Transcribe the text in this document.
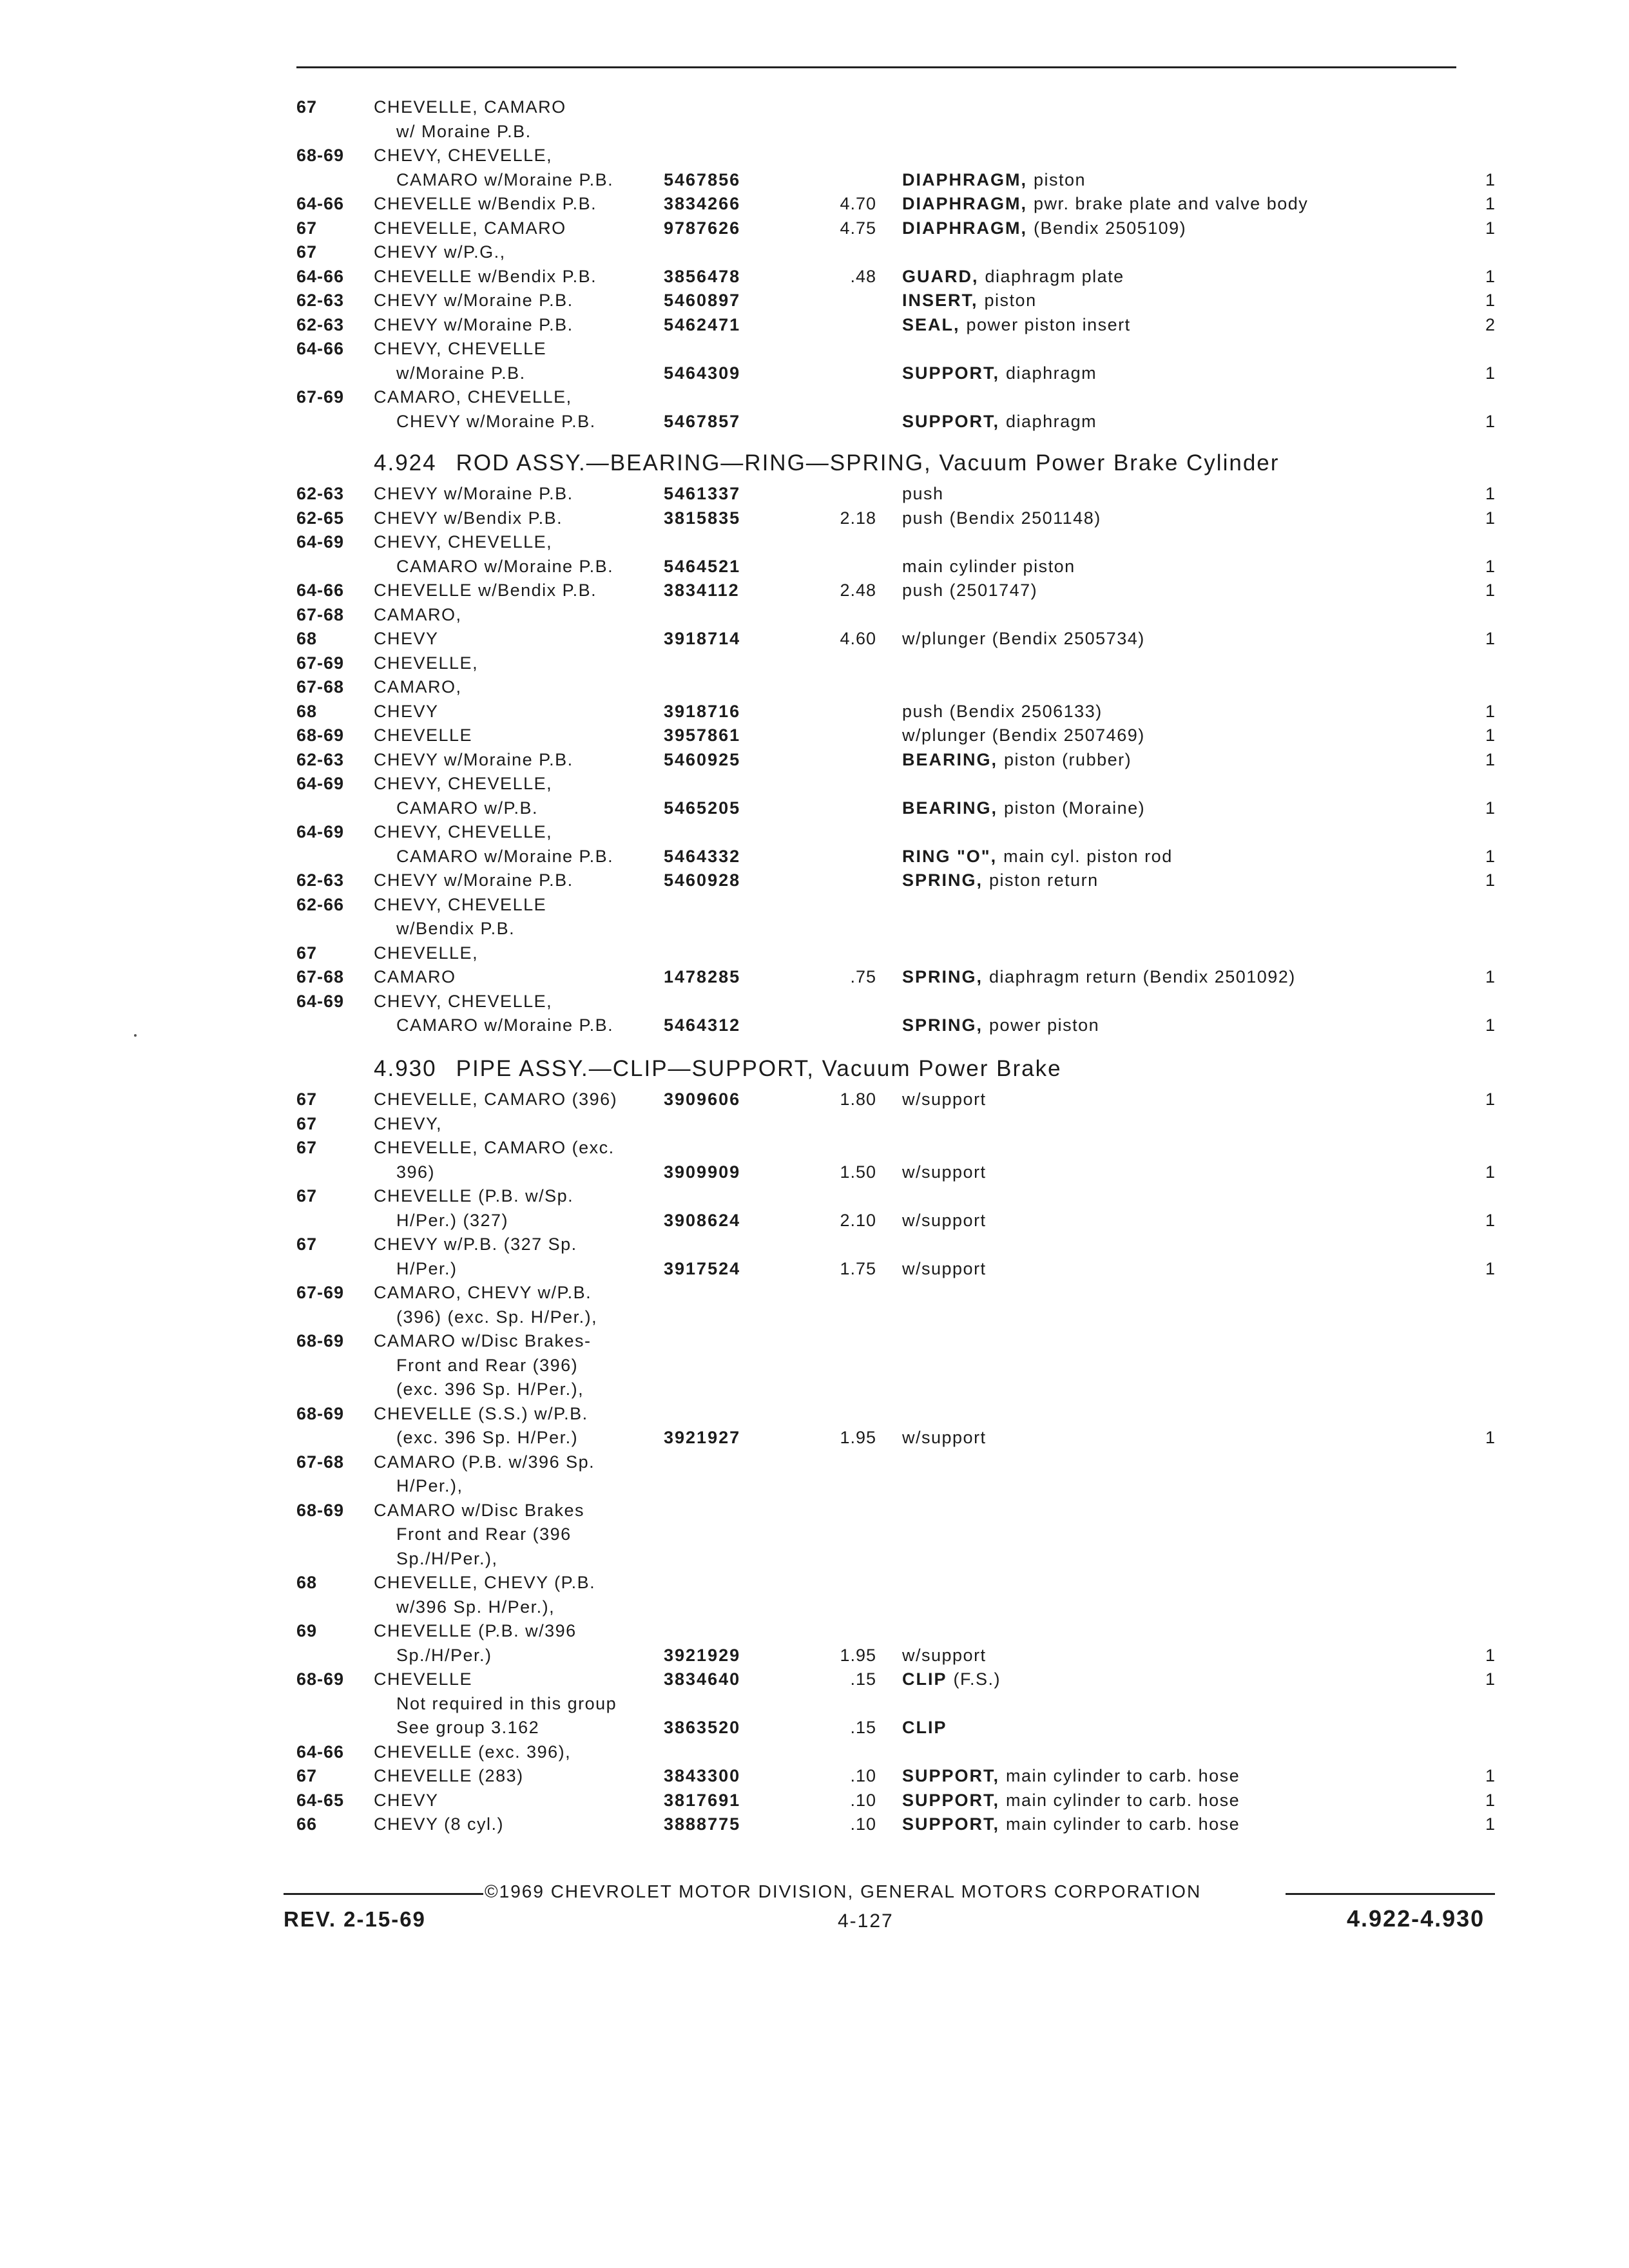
67	CHEVELLE, CAMARO
w/ Moraine P.B.
68-69 CHEVY, CHEVELLE,
CAMARO w/Moraine P.B.	5467856	DIAPHRAGM, piston	1
64-66 CHEVELLE w/Bendix P.B.	3834266	4.70 DIAPHRAGM, pwr. brake plate and valve body	1
67	CHEVELLE, CAMARO	9787626	4.75 DIAPHRAGM, (Bendix 2505109)	1
67	CHEVY w/P.G.,
64-66 CHEVELLE w/Bendix P.B.	3856478	.48 GUARD, diaphragm plate	1
62-63 CHEVY w/Moraine P.B.	5460897	INSERT, piston	1
62-63 CHEVY w/Moraine P.B.	5462471	SEAL, power piston insert	2
64-66 CHEVY, CHEVELLE
w/Moraine P.B.	5464309	SUPPORT, diaphragm	1
67-69 CAMARO, CHEVELLE,
CHEVY w/Moraine P.B.	5467857	SUPPORT, diaphragm	1
62-63 CHEVY w/Moraine P.B.	5461337	push	1
62-65 CHEVY w/Bendix P.B.	3815835	2.18 push (Bendix 2501148)	1
64-69 CHEVY, CHEVELLE,
CAMARO w/Moraine P.B.	5464521	main cylinder piston	1
64-66 CHEVELLE w/Bendix P.B.	3834112	2.48 push (2501747)	1
67-68 CAMARO,
68	CHEVY	3918714	4.60 w/plunger (Bendix 2505734)	1
67-69 CHEVELLE,
67-68 CAMARO,
68	CHEVY	3918716	push (Bendix 2506133)	1
68-69 CHEVELLE	3957861	w/plunger (Bendix 2507469)	1
62-63 CHEVY w/Moraine P.B.	5460925	BEARING, piston (rubber)	1
64-69 CHEVY, CHEVELLE,
CAMARO w/P.B.	5465205	BEARING, piston (Moraine)	1
64-69 CHEVY, CHEVELLE,
CAMARO w/Moraine P.B.	5464332	RING "O", main cyl. piston rod	1
62-63 CHEVY w/Moraine P.B.	5460928	SPRING, piston return	1
62-66 CHEVY, CHEVELLE
w/Bendix P.B.
67	CHEVELLE,
67-68 CAMARO	1478285	.75 SPRING, diaphragm return (Bendix 2501092)	1
64-69 CHEVY, CHEVELLE,
CAMARO w/Moraine P.B.	5464312	SPRING, power piston	1
67	CHEVELLE, CAMARO (396)	3909606	1.80 w/support	1
67	CHEVY,
67	CHEVELLE, CAMARO (exc.
396)	3909909	1.50 w/support	1
67	CHEVELLE (P.B. w/Sp.
H/Per.) (327)	3908624	2.10 w/support	1
67	CHEVY w/P.B. (327 Sp.
H/Per.)	3917524	1.75 w/support	1
67-69 CAMARO, CHEVY w/P.B.
(396) (exc. Sp. H/Per.),
68-69 CAMARO w/Disc Brakes-
Front and Rear (396)
(exc. 396 Sp. H/Per.),
68-69 CHEVELLE (S.S.) w/P.B.
(exc. 396 Sp. H/Per.)	3921927	1.95 w/support	1
67-68 CAMARO (P.B. w/396 Sp.
H/Per.),
68-69 CAMARO w/Disc Brakes
Front and Rear (396
Sp./H/Per.),
68	CHEVELLE, CHEVY (P.B.
w/396 Sp. H/Per.),
69	CHEVELLE (P.B. w/396
Sp./H/Per.)	3921929	1.95 w/support	1
68-69 CHEVELLE	3834640	.15 CLIP (F.S.)	1
Not required in this group
See group 3.162	3863520	.15 CLIP
64-66 CHEVELLE (exc. 396),
67	CHEVELLE (283)	3843300	.10 SUPPORT, main cylinder to carb. hose	1
64-65 CHEVY	3817691	.10 SUPPORT, main cylinder to carb. hose	1
66	CHEVY (8 cyl.)	3888775	.10 SUPPORT, main cylinder to carb. hose	1
4.924 ROD ASSY.—BEARING—RING—SPRING, Vacuum Power Brake Cylinder
4.930 PIPE ASSY.—CLIP—SUPPORT, Vacuum Power Brake
©1969 CHEVROLET MOTOR DIVISION, GENERAL MOTORS CORPORATION
REV. 2-15-69	4-127	4.922-4.930
